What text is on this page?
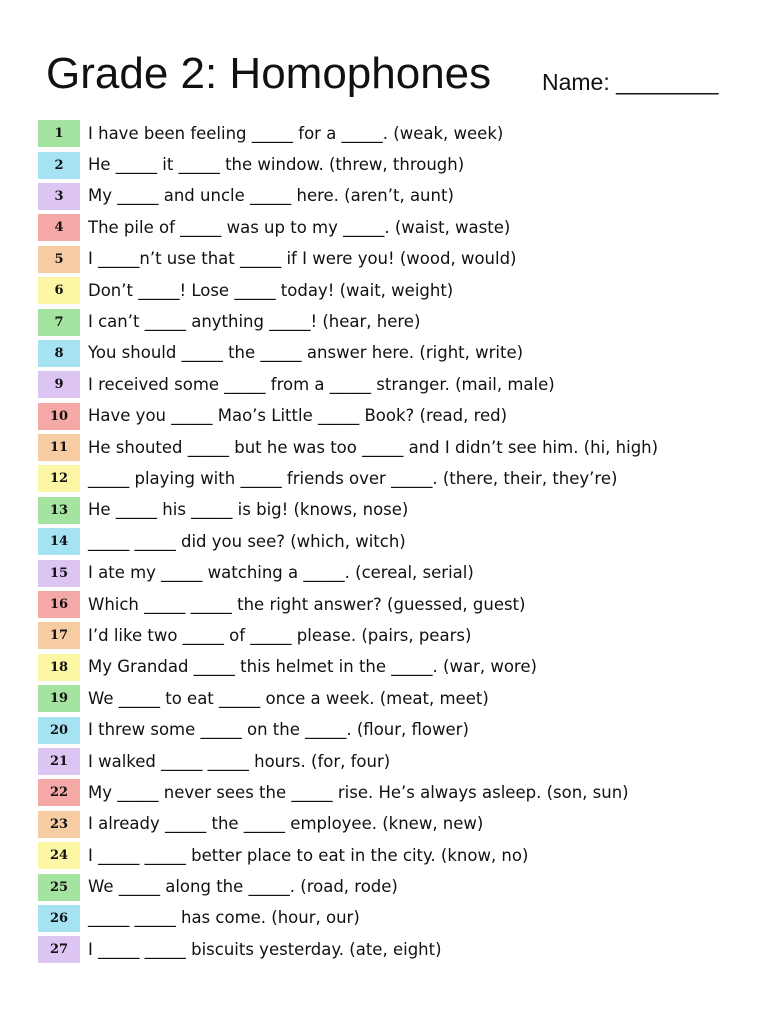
Grade 2: Homophones Name: ________
1	I have been feeling _____ for a _____. (weak, week)
2	He _____ it _____ the window. (threw, through)
3	My _____ and uncle _____ here. (aren’t, aunt)
4	The pile of _____ was up to my _____. (waist, waste)
5	I _____n’t use that _____ if I were you! (wood, would)
6	Don’t _____! Lose _____ today! (wait, weight)
7	I can’t _____ anything _____! (hear, here)
8	You should _____ the _____ answer here. (right, write)
9	I received some _____ from a _____ stranger. (mail, male)
10	Have you _____ Mao’s Little _____ Book? (read, red)
11	He shouted _____ but he was too _____ and I didn’t see him. (hi, high)
12	_____ playing with _____ friends over _____. (there, their, they’re)
13	He _____ his _____ is big! (knows, nose)
14	_____ _____ did you see? (which, witch)
15	I ate my _____ watching a _____. (cereal, serial)
16	Which _____ _____ the right answer? (guessed, guest)
17	I’d like two _____ of _____ please. (pairs, pears)
18	My Grandad _____ this helmet in the _____. (war, wore)
19	We _____ to eat _____ once a week. (meat, meet)
20	I threw some _____ on the _____. (flour, flower)
21	I walked _____ _____ hours. (for, four)
22	My _____ never sees the _____ rise. He’s always asleep. (son, sun)
23	I already _____ the _____ employee. (knew, new)
24	I _____ _____ better place to eat in the city. (know, no)
25	We _____ along the _____. (road, rode)
26	_____ _____ has come. (hour, our)
27	I _____ _____ biscuits yesterday. (ate, eight)
